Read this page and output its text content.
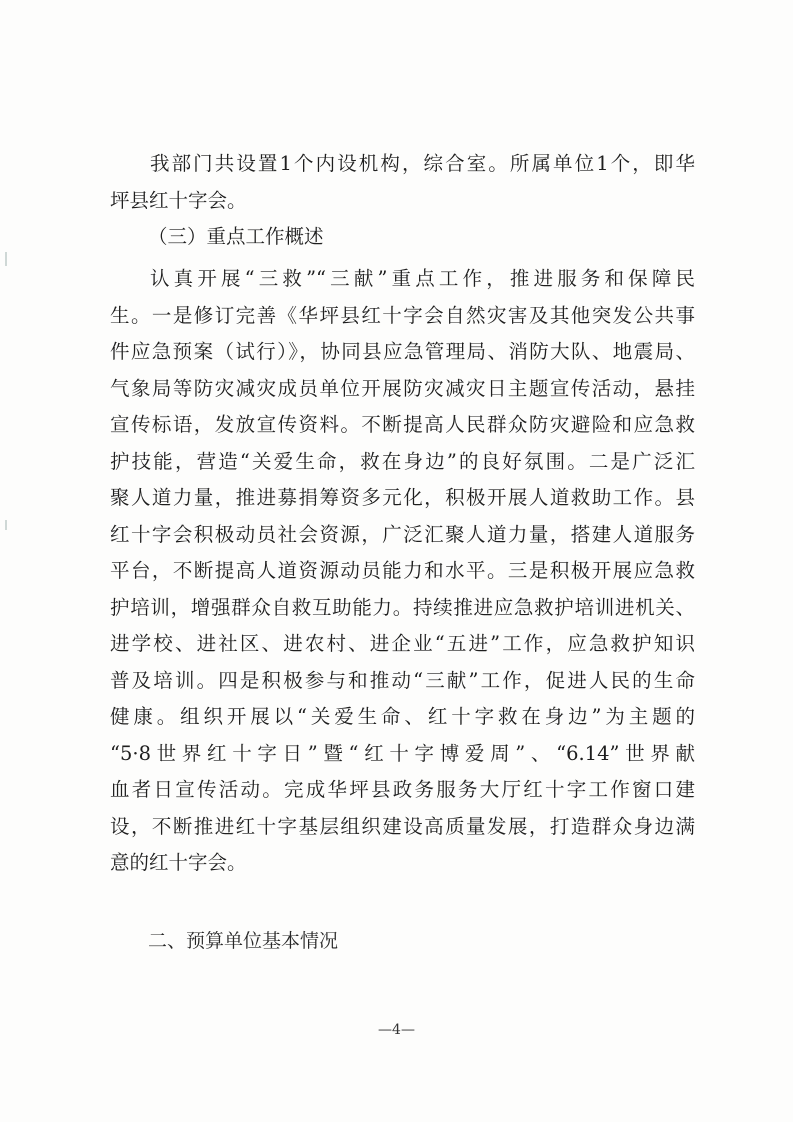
我部门共设置1个内设机构，综合室。所属单位1个，即华
坪县红十字会。
（三）重点工作概述
认真开展“三救”“三献”重点工作，推进服务和保障民
生。一是修订完善《华坪县红十字会自然灾害及其他突发公共事
件应急预案（试行）》，协同县应急管理局、消防大队、地震局、
气象局等防灾减灾成员单位开展防灾减灾日主题宣传活动，悬挂
宣传标语，发放宣传资料。不断提高人民群众防灾避险和应急救
护技能，营造“关爱生命，救在身边”的良好氛围。二是广泛汇
聚人道力量，推进募捐筹资多元化，积极开展人道救助工作。县
红十字会积极动员社会资源，广泛汇聚人道力量，搭建人道服务
平台，不断提高人道资源动员能力和水平。三是积极开展应急救
护培训，增强群众自救互助能力。持续推进应急救护培训进机关、
进学校、进社区、进农村、进企业“五进”工作，应急救护知识
普及培训。四是积极参与和推动“三献”工作，促进人民的生命
健康。组织开展以“关爱生命、红十字救在身边”为主题的
“5·8世界红十字日”暨“红十字博爱周”、“6.14”世界献
血者日宣传活动。完成华坪县政务服务大厅红十字工作窗口建
设，不断推进红十字基层组织建设高质量发展，打造群众身边满
意的红十字会。
二、预算单位基本情况
—4—
